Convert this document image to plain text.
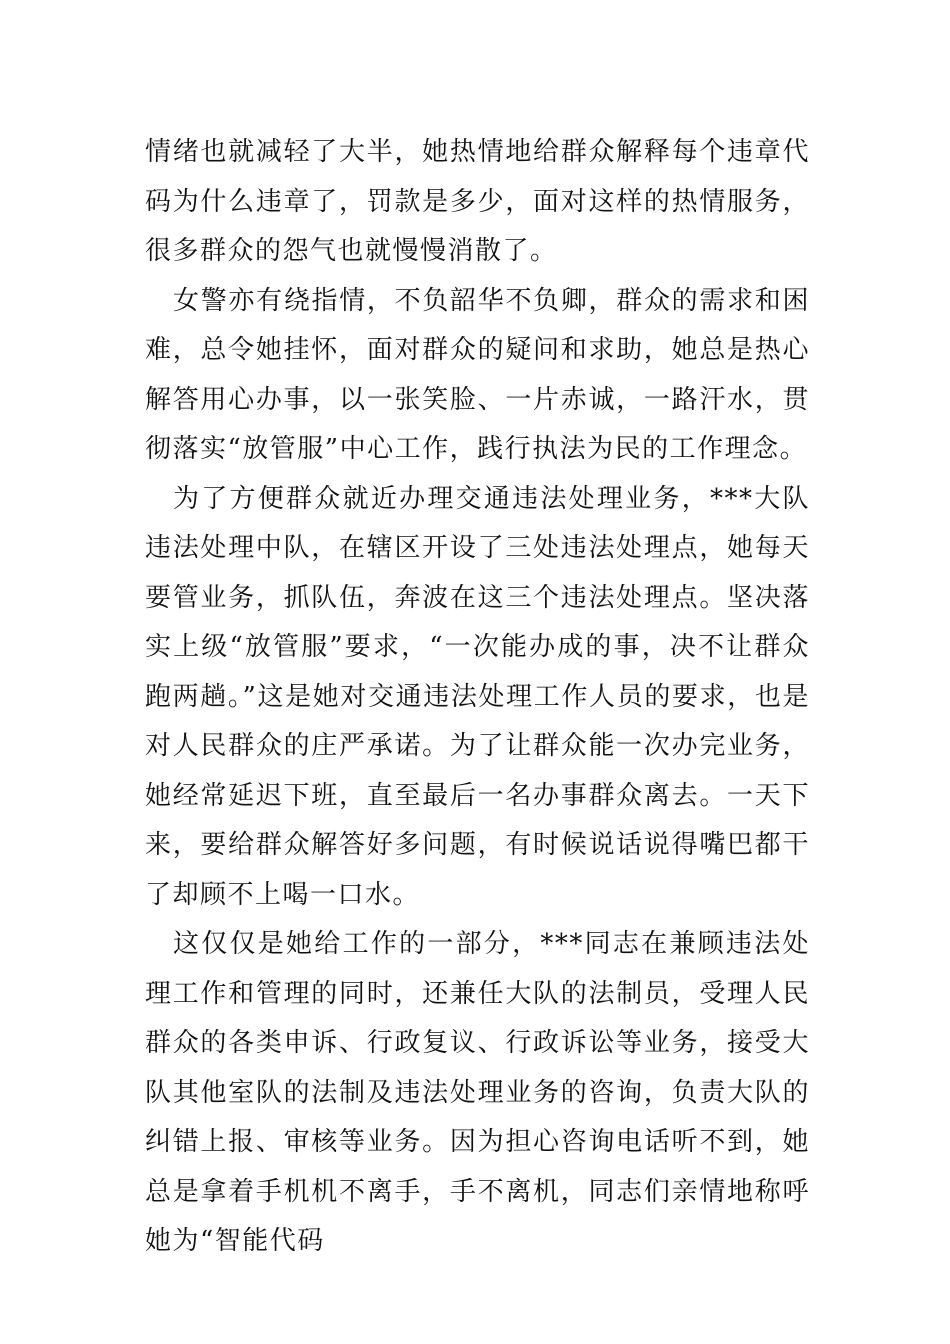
情绪也就减轻了大半，她热情地给群众解释每个违章代码为什么违章了，罚款是多少，面对这样的热情服务，很多群众的怨气也就慢慢消散了。

女警亦有绕指情，不负韶华不负卿，群众的需求和困难，总令她挂怀，面对群众的疑问和求助，她总是热心解答用心办事，以一张笑脸、一片赤诚，一路汗水，贯彻落实“放管服”中心工作，践行执法为民的工作理念。

为了方便群众就近办理交通违法处理业务，***大队违法处理中队，在辖区开设了三处违法处理点，她每天要管业务，抓队伍，奔波在这三个违法处理点。坚决落实上级“放管服”要求，“一次能办成的事，决不让群众跑两趟。”这是她对交通违法处理工作人员的要求，也是对人民群众的庄严承诺。为了让群众能一次办完业务，她经常延迟下班，直至最后一名办事群众离去。一天下来，要给群众解答好多问题，有时候说话说得嘴巴都干了却顾不上喝一口水。

这仅仅是她给工作的一部分，***同志在兼顾违法处理工作和管理的同时，还兼任大队的法制员，受理人民群众的各类申诉、行政复议、行政诉讼等业务，接受大队其他室队的法制及违法处理业务的咨询，负责大队的纠错上报、审核等业务。因为担心咨询电话听不到，她总是拿着手机机不离手，手不离机，同志们亲情地称呼她为“智能代码
